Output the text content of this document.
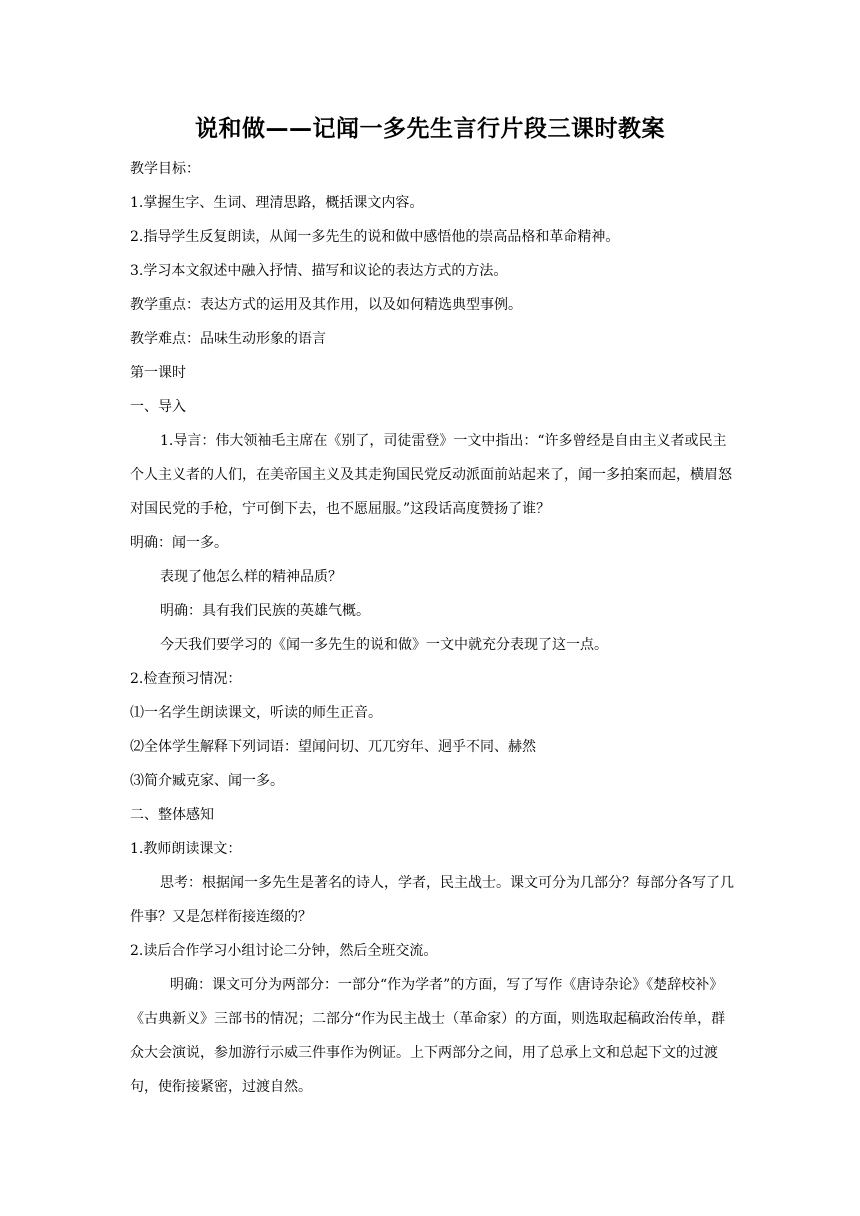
说和做——记闻一多先生言行片段三课时教案

教学目标：

1.掌握生字、生词、理清思路，概括课文内容。

2.指导学生反复朗读，从闻一多先生的说和做中感悟他的崇高品格和革命精神。

3.学习本文叙述中融入抒情、描写和议论的表达方式的方法。

教学重点：表达方式的运用及其作用，以及如何精选典型事例。

教学难点：品味生动形象的语言

第一课时

一、导入

1.导言：伟大领袖毛主席在《别了，司徒雷登》一文中指出：“许多曾经是自由主义者或民主个人主义者的人们，在美帝国主义及其走狗国民党反动派面前站起来了，闻一多拍案而起，横眉怒对国民党的手枪，宁可倒下去，也不愿屈服。”这段话高度赞扬了谁？

明确：闻一多。

表现了他怎么样的精神品质？

明确：具有我们民族的英雄气概。

今天我们要学习的《闻一多先生的说和做》一文中就充分表现了这一点。

2.检查预习情况：

⑴一名学生朗读课文，听读的师生正音。

⑵全体学生解释下列词语：望闻问切、兀兀穷年、迥乎不同、赫然

⑶简介臧克家、闻一多。

二、整体感知

1.教师朗读课文：

思考：根据闻一多先生是著名的诗人，学者，民主战士。课文可分为几部分？每部分各写了几件事？又是怎样衔接连缀的？

2.读后合作学习小组讨论二分钟，然后全班交流。

明确：课文可分为两部分：一部分“作为学者”的方面，写了写作《唐诗杂论》《楚辞校补》《古典新义》三部书的情况；二部分“作为民主战士（革命家）的方面，则选取起稿政治传单，群众大会演说，参加游行示威三件事作为例证。上下两部分之间，用了总承上文和总起下文的过渡句，使衔接紧密，过渡自然。
